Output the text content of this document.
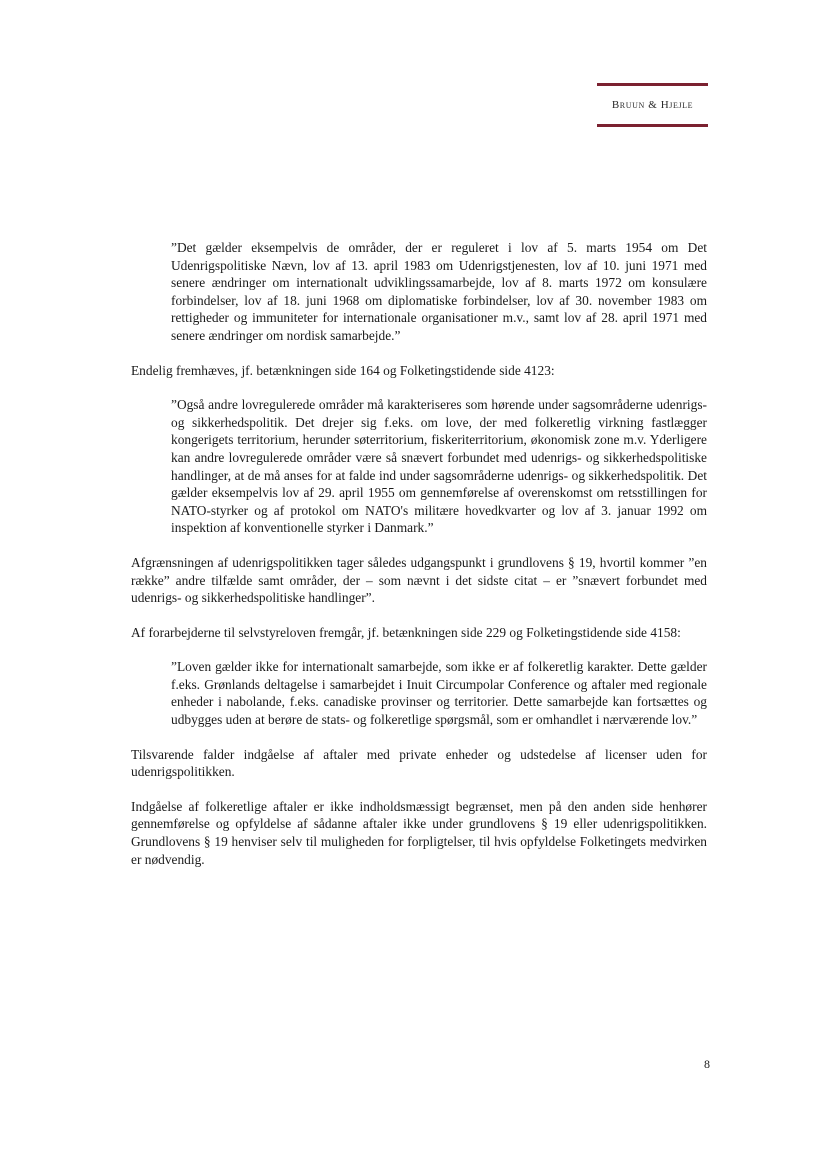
Bruun & Hjejle

”Det gælder eksempelvis de områder, der er reguleret i lov af 5. marts 1954 om Det Udenrigspolitiske Nævn, lov af 13. april 1983 om Udenrigstjenesten, lov af 10. juni 1971 med senere ændringer om internationalt udviklingssamarbejde, lov af 8. marts 1972 om konsulære forbindelser, lov af 18. juni 1968 om diplomatiske forbindelser, lov af 30. november 1983 om rettigheder og immuniteter for internationale organisationer m.v., samt lov af 28. april 1971 med senere ændringer om nordisk samarbejde.”

Endelig fremhæves, jf. betænkningen side 164 og Folketingstidende side 4123:

”Også andre lovregulerede områder må karakteriseres som hørende under sagsområderne udenrigs- og sikkerhedspolitik. Det drejer sig f.eks. om love, der med folkeretlig virkning fastlægger kongerigets territorium, herunder søterritorium, fiskeriterritorium, økonomisk zone m.v. Yderligere kan andre lovregulerede områder være så snævert forbundet med udenrigs- og sikkerhedspolitiske handlinger, at de må anses for at falde ind under sagsområderne udenrigs- og sikkerhedspolitik. Det gælder eksempelvis lov af 29. april 1955 om gennemførelse af overenskomst om retsstillingen for NATO-styrker og af protokol om NATO's militære hovedkvarter og lov af 3. januar 1992 om inspektion af konventionelle styrker i Danmark.”

Afgrænsningen af udenrigspolitikken tager således udgangspunkt i grundlovens § 19, hvortil kommer ”en række” andre tilfælde samt områder, der – som nævnt i det sidste citat – er ”snævert forbundet med udenrigs- og sikkerhedspolitiske handlinger”.

Af forarbejderne til selvstyreloven fremgår, jf. betænkningen side 229 og Folketingstidende side 4158:

”Loven gælder ikke for internationalt samarbejde, som ikke er af folkeretlig karakter. Dette gælder f.eks. Grønlands deltagelse i samarbejdet i Inuit Circumpolar Conference og aftaler med regionale enheder i nabolande, f.eks. canadiske provinser og territorier. Dette samarbejde kan fortsættes og udbygges uden at berøre de stats- og folkeretlige spørgsmål, som er omhandlet i nærværende lov.”

Tilsvarende falder indgåelse af aftaler med private enheder og udstedelse af licenser uden for udenrigspolitikken.

Indgåelse af folkeretlige aftaler er ikke indholdsmæssigt begrænset, men på den anden side henhører gennemførelse og opfyldelse af sådanne aftaler ikke under grundlovens § 19 eller udenrigspolitikken. Grundlovens § 19 henviser selv til muligheden for forpligtelser, til hvis opfyldelse Folketingets medvirken er nødvendig.

8
